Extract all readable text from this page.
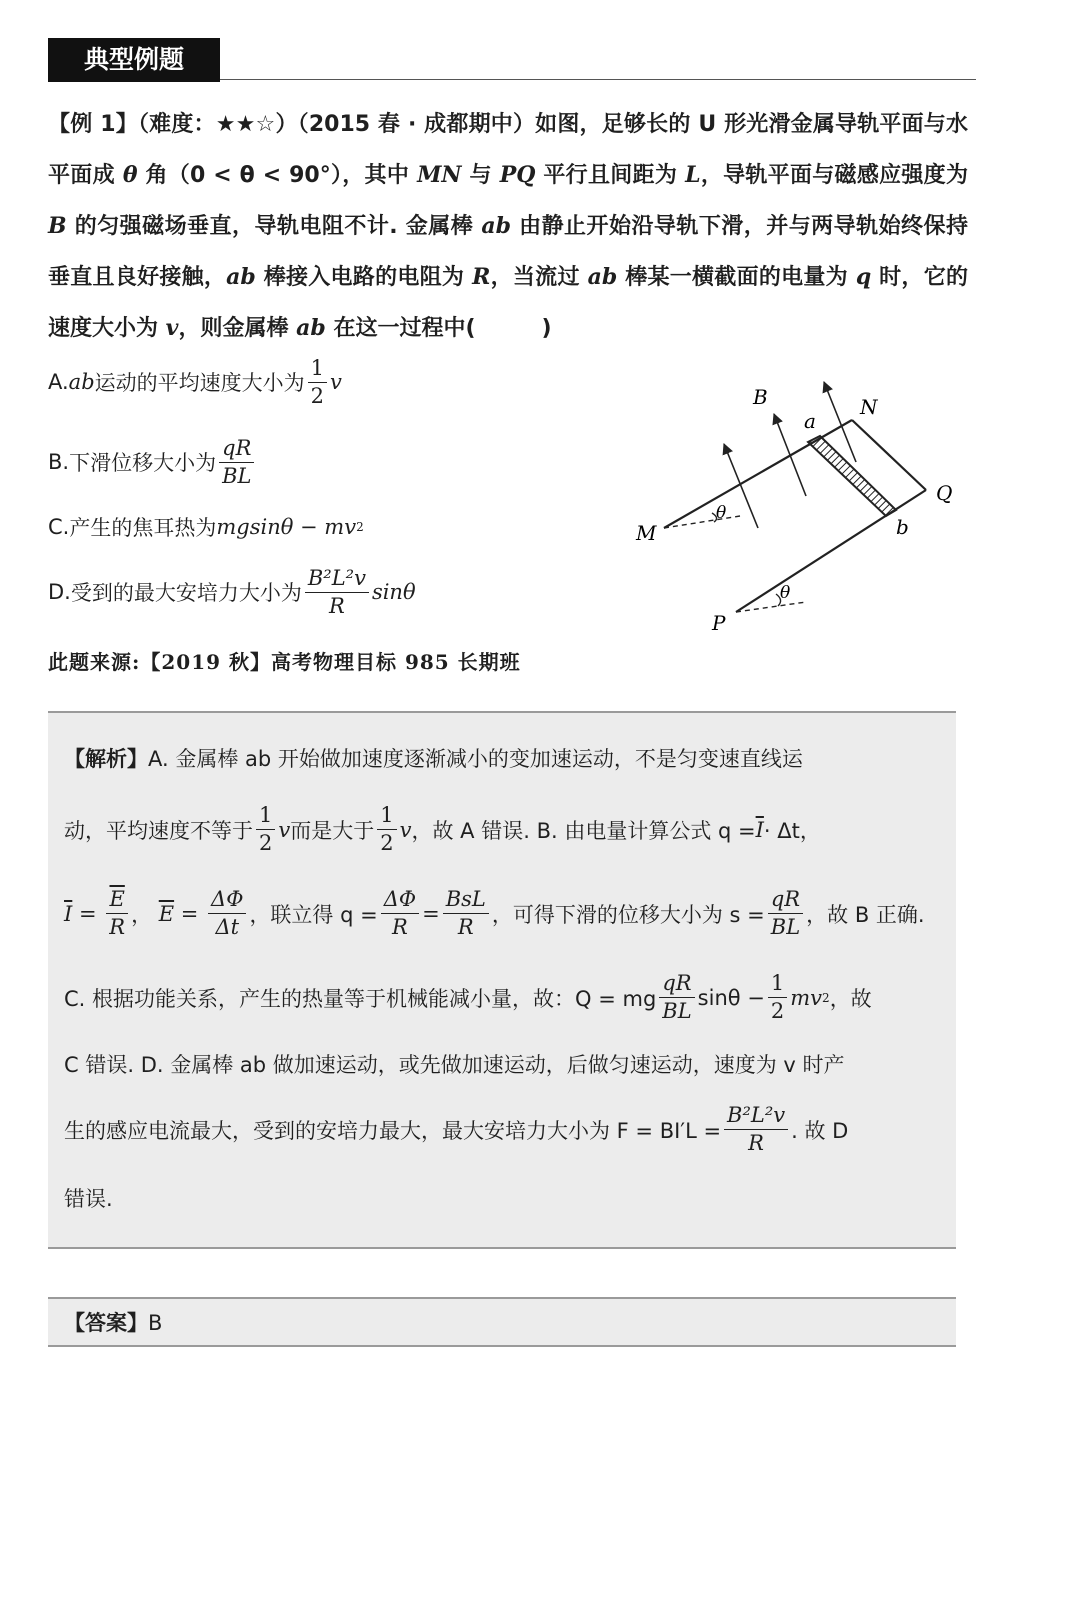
典型例题
【例 1】（难度：★★☆）（2015 春 · 成都期中）如图，足够长的 U 形光滑金属导轨平面与水平面成 θ 角（0 < θ < 90°），其中 MN 与 PQ 平行且间距为 L，导轨平面与磁感应强度为 B 的匀强磁场垂直，导轨电阻不计. 金属棒 ab 由静止开始沿导轨下滑，并与两导轨始终保持垂直且良好接触，ab 棒接入电路的电阻为 R，当流过 ab 棒某一横截面的电量为 q 时，它的速度大小为 v，则金属棒 ab 在这一过程中(　　　)
A. ab 运动的平均速度大小为 $\frac{1}{2}$ v
B. 下滑位移大小为 $\frac{qR}{BL}$
C. 产生的焦耳热为 mgsinθ − mv 2
D. 受到的最大安培力大小为 $\frac{\text{B²L²v}}{R}$ sinθ
B
a
N
Q
b
M
θ
θ
P
此题来源:【2019 秋】高考物理目标 985 长期班
【解析】 A. 金属棒 ab 开始做加速度逐渐减小的变加速运动，不是匀变速直线运
动，平均速度不等于 $\frac{1}{2}$ v 而是大于 $\frac{1}{2}$ v ，故 A 错误. B. 由电量计算公式 $q = \overline{I} \cdot \Delta t$，
$\overline{I} = \frac{\overline{E}}{R}$ ， $\overline{E} = \frac{\Delta\Phi}{\Delta t}$ ，联立得 $q = \frac{\Delta\Phi}{R} = \frac{\text{BsL}}{R}$ ，可得下滑的位移大小为 $s = \frac{qR}{BL}$ ，故 B 正确.
C. 根据功能关系，产生的热量等于机械能减小量，故：Q = mg $\frac{qR}{BL}$ $\sin\theta - \frac{1}{2}$ mv 2 ，故
C 错误. D. 金属棒 ab 做加速运动，或先做加速运动，后做匀速运动，速度为 v 时产
生的感应电流最大，受到的安培力最大，最大安培力大小为 $F = BI'L = \frac{\text{B²L²v}}{R}$ . 故 D
错误.
【答案】B
